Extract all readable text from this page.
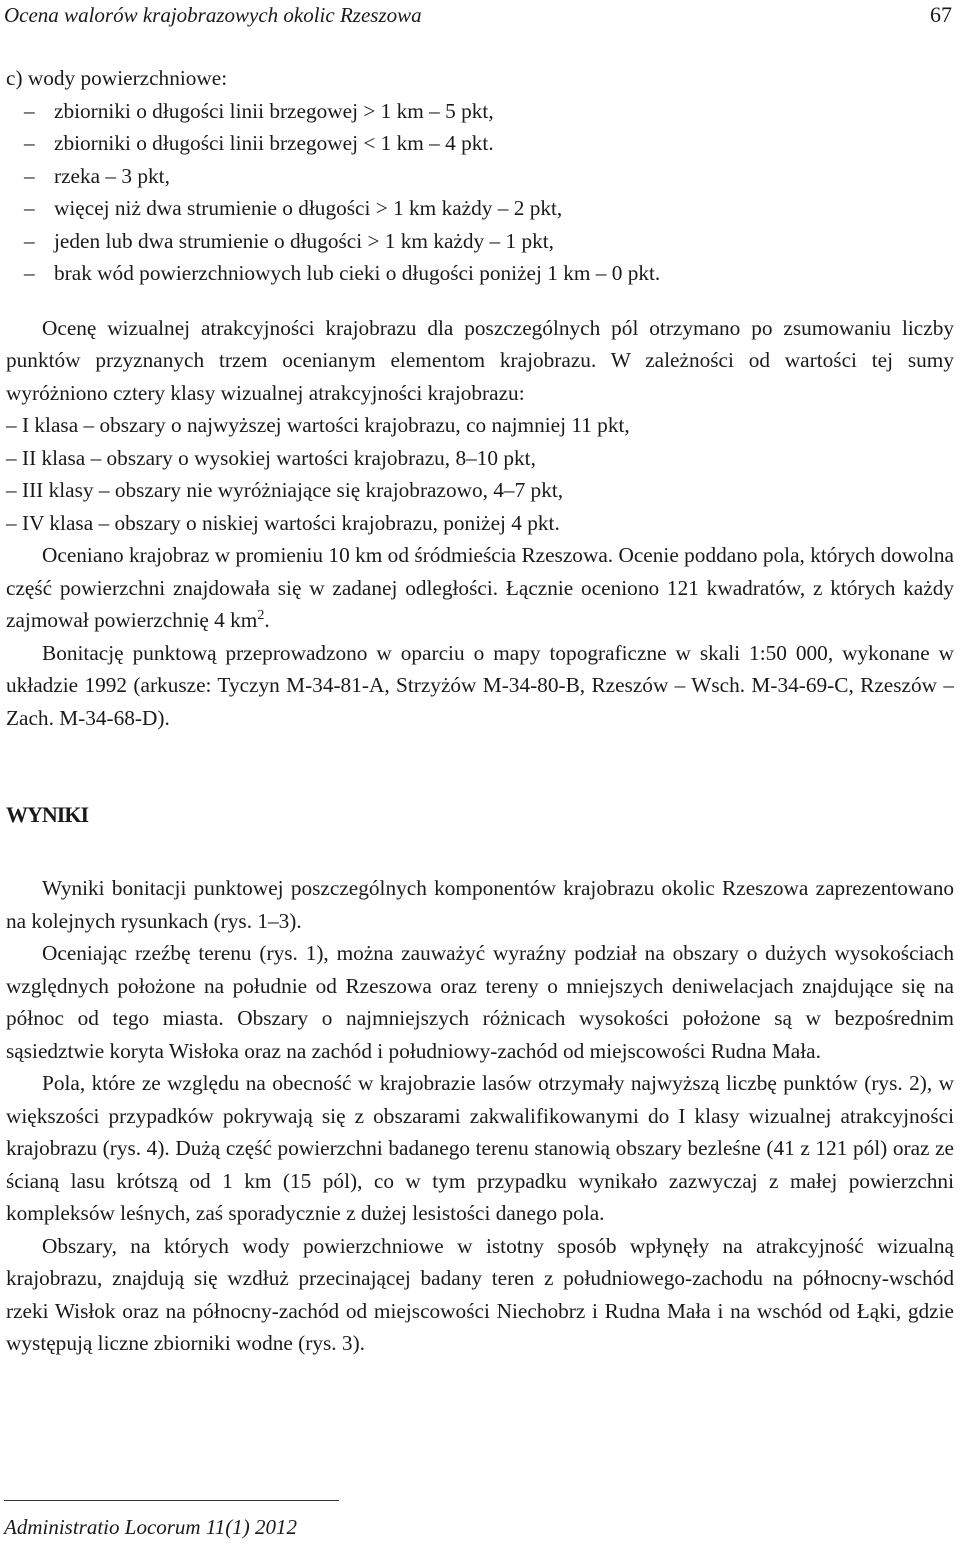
Ocena walorów krajobrazowych okolic Rzeszowa	67

c) wody powierzchniowe:

– zbiorniki o długości linii brzegowej > 1 km – 5 pkt,
– zbiorniki o długości linii brzegowej < 1 km – 4 pkt.
– rzeka – 3 pkt,
– więcej niż dwa strumienie o długości > 1 km każdy – 2 pkt,
– jeden lub dwa strumienie o długości > 1 km każdy – 1 pkt,
– brak wód powierzchniowych lub cieki o długości poniżej 1 km – 0 pkt.

Ocenę wizualnej atrakcyjności krajobrazu dla poszczególnych pól otrzymano po zsumowaniu liczby punktów przyznanych trzem ocenianym elementom krajobrazu. W zależności od wartości tej sumy wyróżniono cztery klasy wizualnej atrakcyjności krajobrazu:

– I klasa – obszary o najwyższej wartości krajobrazu, co najmniej 11 pkt,
– II klasa – obszary o wysokiej wartości krajobrazu, 8–10 pkt,
– III klasy – obszary nie wyróżniające się krajobrazowo, 4–7 pkt,
– IV klasa – obszary o niskiej wartości krajobrazu, poniżej 4 pkt.

Oceniano krajobraz w promieniu 10 km od śródmieścia Rzeszowa. Ocenie poddano pola, których dowolna część powierzchni znajdowała się w zadanej odległości. Łącznie oceniono 121 kwadratów, z których każdy zajmował powierzchnię 4 $km^2$.

Bonitację punktową przeprowadzono w oparciu o mapy topograficzne w skali 1:50 000, wykonane w układzie 1992 (arkusze: Tyczyn M-34-81-A, Strzyżów M-34-80-B, Rzeszów – Wsch. M-34-69-C, Rzeszów – Zach. M-34-68-D).

WYNIKI

Wyniki bonitacji punktowej poszczególnych komponentów krajobrazu okolic Rzeszowa zaprezentowano na kolejnych rysunkach (rys. 1–3).

Oceniając rzeźbę terenu (rys. 1), można zauważyć wyraźny podział na obszary o dużych wysokościach względnych położone na południe od Rzeszowa oraz tereny o mniejszych deniwelacjach znajdujące się na północ od tego miasta. Obszary o najmniejszych różnicach wysokości położone są w bezpośrednim sąsiedztwie koryta Wisłoka oraz na zachód i południowy-zachód od miejscowości Rudna Mała.

Pola, które ze względu na obecność w krajobrazie lasów otrzymały najwyższą liczbę punktów (rys. 2), w większości przypadków pokrywają się z obszarami zakwalifikowanymi do I klasy wizualnej atrakcyjności krajobrazu (rys. 4). Dużą część powierzchni badanego terenu stanowią obszary bezleśne (41 z 121 pól) oraz ze ścianą lasu krótszą od 1 km (15 pól), co w tym przypadku wynikało zazwyczaj z małej powierzchni kompleksów leśnych, zaś sporadycznie z dużej lesistości danego pola.

Obszary, na których wody powierzchniowe w istotny sposób wpłynęły na atrakcyjność wizualną krajobrazu, znajdują się wzdłuż przecinającej badany teren z południowego-zachodu na północny-wschód rzeki Wisłok oraz na północny-zachód od miejscowości Niechobrz i Rudna Mała i na wschód od Łąki, gdzie występują liczne zbiorniki wodne (rys. 3).

Administratio Locorum 11(1) 2012
